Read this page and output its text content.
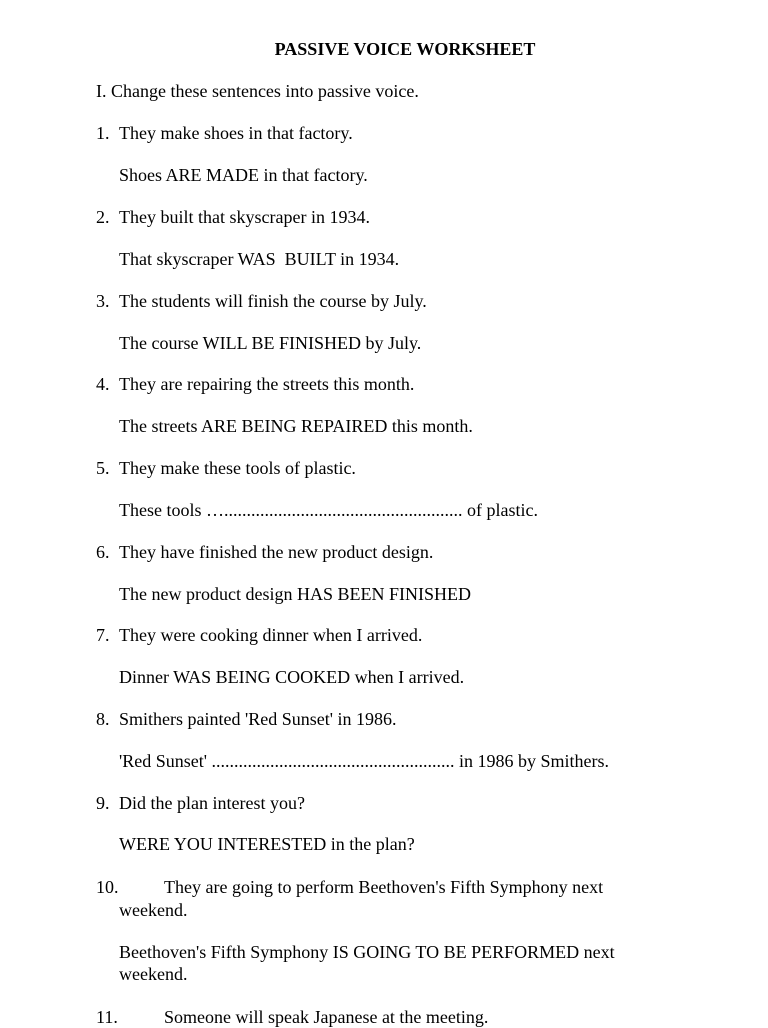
PASSIVE VOICE WORKSHEET
I. Change these sentences into passive voice.
1. They make shoes in that factory.
Shoes ARE MADE in that factory.
2. They built that skyscraper in 1934.
That skyscraper WAS  BUILT in 1934.
3. The students will finish the course by July.
The course WILL BE FINISHED by July.
4. They are repairing the streets this month.
The streets ARE BEING REPAIRED this month.
5. They make these tools of plastic.
These tools …..................................................... of plastic.
6. They have finished the new product design.
The new product design HAS BEEN FINISHED
7. They were cooking dinner when I arrived.
Dinner WAS BEING COOKED when I arrived.
8. Smithers painted 'Red Sunset' in 1986.
'Red Sunset' ...................................................... in 1986 by Smithers.
9. Did the plan interest you?
WERE YOU INTERESTED in the plan?
10.	They are going to perform Beethoven's Fifth Symphony next
weekend.
Beethoven's Fifth Symphony IS GOING TO BE PERFORMED next
weekend.
11.	Someone will speak Japanese at the meeting.
